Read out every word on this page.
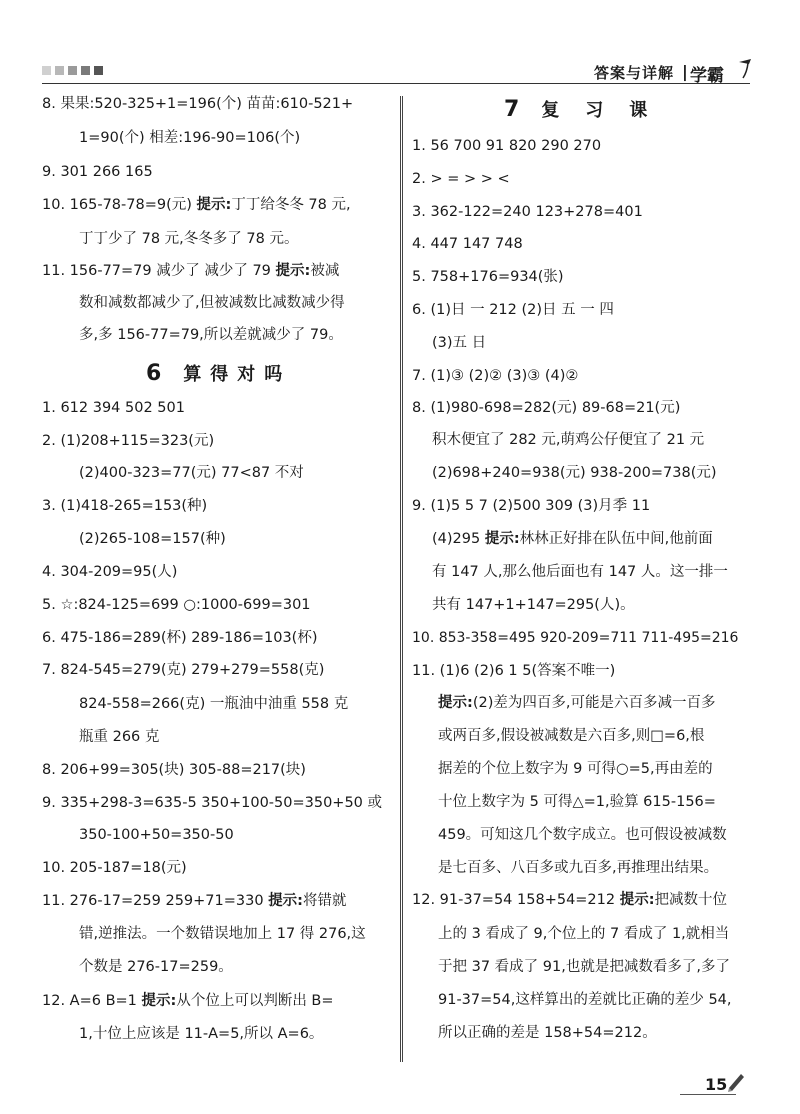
答案与详解 | 学霸
8. 果果:520-325+1=196(个) 苗苗:610-521+
1=90(个) 相差:196-90=106(个)
9. 301 266 165
10. 165-78-78=9(元) 提示:丁丁给冬冬 78 元,
丁丁少了 78 元,冬冬多了 78 元。
11. 156-77=79 减少了 减少了 79 提示:被减
数和减数都减少了,但被减数比减数减少得
多,多 156-77=79,所以差就减少了 79。
6 算得对吗
1. 612 394 502 501
2. (1)208+115=323(元)
(2)400-323=77(元) 77<87 不对
3. (1)418-265=153(种)
(2)265-108=157(种)
4. 304-209=95(人)
5. ☆:824-125=699 ○:1000-699=301
6. 475-186=289(杯) 289-186=103(杯)
7. 824-545=279(克) 279+279=558(克)
824-558=266(克) 一瓶油中油重 558 克
瓶重 266 克
8. 206+99=305(块) 305-88=217(块)
9. 335+298-3=635-5 350+100-50=350+50 或
350-100+50=350-50
10. 205-187=18(元)
11. 276-17=259 259+71=330 提示:将错就
错,逆推法。一个数错误地加上 17 得 276,这
个数是 276-17=259。
12. A=6 B=1 提示:从个位上可以判断出 B=
1,十位上应该是 11-A=5,所以 A=6。
7 复习课
1. 56 700 91 820 290 270
2. > = > > <
3. 362-122=240 123+278=401
4. 447 147 748
5. 758+176=934(张)
6. (1)日 一 212 (2)日 五 一 四
(3)五 日
7. (1)③ (2)② (3)③ (4)②
8. (1)980-698=282(元) 89-68=21(元)
积木便宜了 282 元,萌鸡公仔便宜了 21 元
(2)698+240=938(元) 938-200=738(元)
9. (1)5 5 7 (2)500 309 (3)月季 11
(4)295 提示:林林正好排在队伍中间,他前面
有 147 人,那么他后面也有 147 人。这一排一
共有 147+1+147=295(人)。
10. 853-358=495 920-209=711 711-495=216
11. (1)6 (2)6 1 5(答案不唯一)
提示:(2)差为四百多,可能是六百多减一百多
或两百多,假设被减数是六百多,则□=6,根
据差的个位上数字为 9 可得○=5,再由差的
十位上数字为 5 可得△=1,验算 615-156=
459。可知这几个数字成立。也可假设被减数
是七百多、八百多或九百多,再推理出结果。
12. 91-37=54 158+54=212 提示:把减数十位
上的 3 看成了 9,个位上的 7 看成了 1,就相当
于把 37 看成了 91,也就是把减数看多了,多了
91-37=54,这样算出的差就比正确的差少 54,
所以正确的差是 158+54=212。
15
